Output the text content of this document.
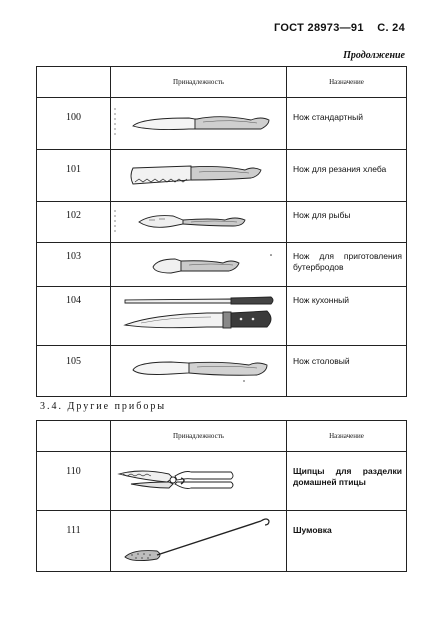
ГОСТ 28973—91 С. 24
Продолжение
	Принадлежность	Назначение
100		Нож стандартный
101		Нож для резания хлеба
102		Нож для рыбы
103		Нож для приготовления бутербродов
104		Нож кухонный
105		Нож столовый
3.4. Другие приборы
	Принадлежность	Назначение
110		Щипцы для разделки домашней птицы
111		Шумовка
